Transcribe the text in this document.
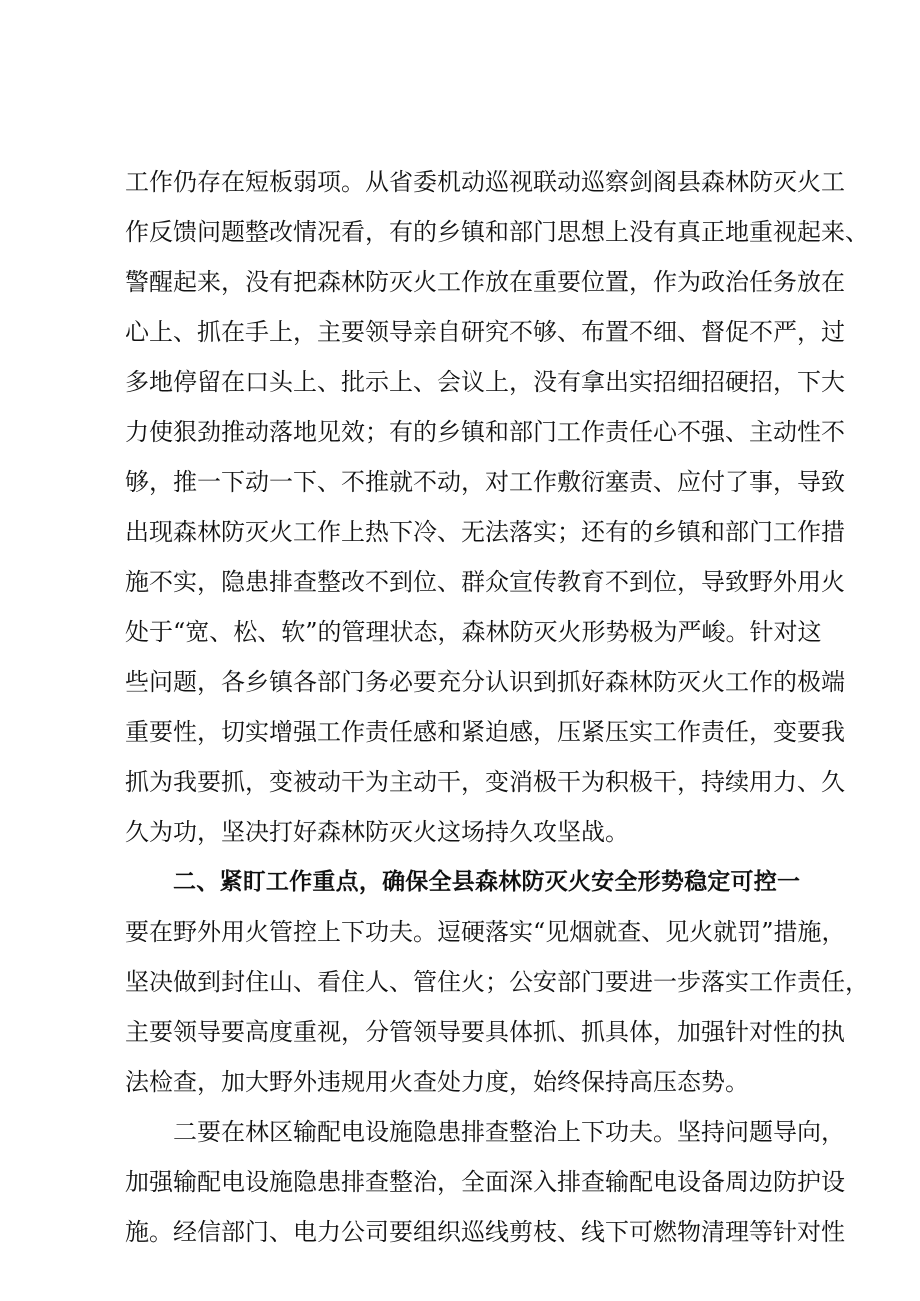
工作仍存在短板弱项。从省委机动巡视联动巡察剑阁县森林防灭火工
作反馈问题整改情况看，有的乡镇和部门思想上没有真正地重视起来、
警醒起来，没有把森林防灭火工作放在重要位置，作为政治任务放在
心上、抓在手上，主要领导亲自研究不够、布置不细、督促不严，过
多地停留在口头上、批示上、会议上，没有拿出实招细招硬招，下大
力使狠劲推动落地见效；有的乡镇和部门工作责任心不强、主动性不
够，推一下动一下、不推就不动，对工作敷衍塞责、应付了事，导致
出现森林防灭火工作上热下冷、无法落实；还有的乡镇和部门工作措
施不实，隐患排查整改不到位、群众宣传教育不到位，导致野外用火
处于“宽、松、软”的管理状态，森林防灭火形势极为严峻。针对这
些问题，各乡镇各部门务必要充分认识到抓好森林防灭火工作的极端
重要性，切实增强工作责任感和紧迫感，压紧压实工作责任，变要我
抓为我要抓，变被动干为主动干，变消极干为积极干，持续用力、久
久为功，坚决打好森林防灭火这场持久攻坚战。
二、紧盯工作重点，确保全县森林防灭火安全形势稳定可控一
要在野外用火管控上下功夫。逗硬落实“见烟就查、见火就罚”措施，
坚决做到封住山、看住人、管住火；公安部门要进一步落实工作责任，
主要领导要高度重视，分管领导要具体抓、抓具体，加强针对性的执
法检查，加大野外违规用火查处力度，始终保持高压态势。
二要在林区输配电设施隐患排查整治上下功夫。坚持问题导向，
加强输配电设施隐患排查整治，全面深入排查输配电设备周边防护设
施。经信部门、电力公司要组织巡线剪枝、线下可燃物清理等针对性
